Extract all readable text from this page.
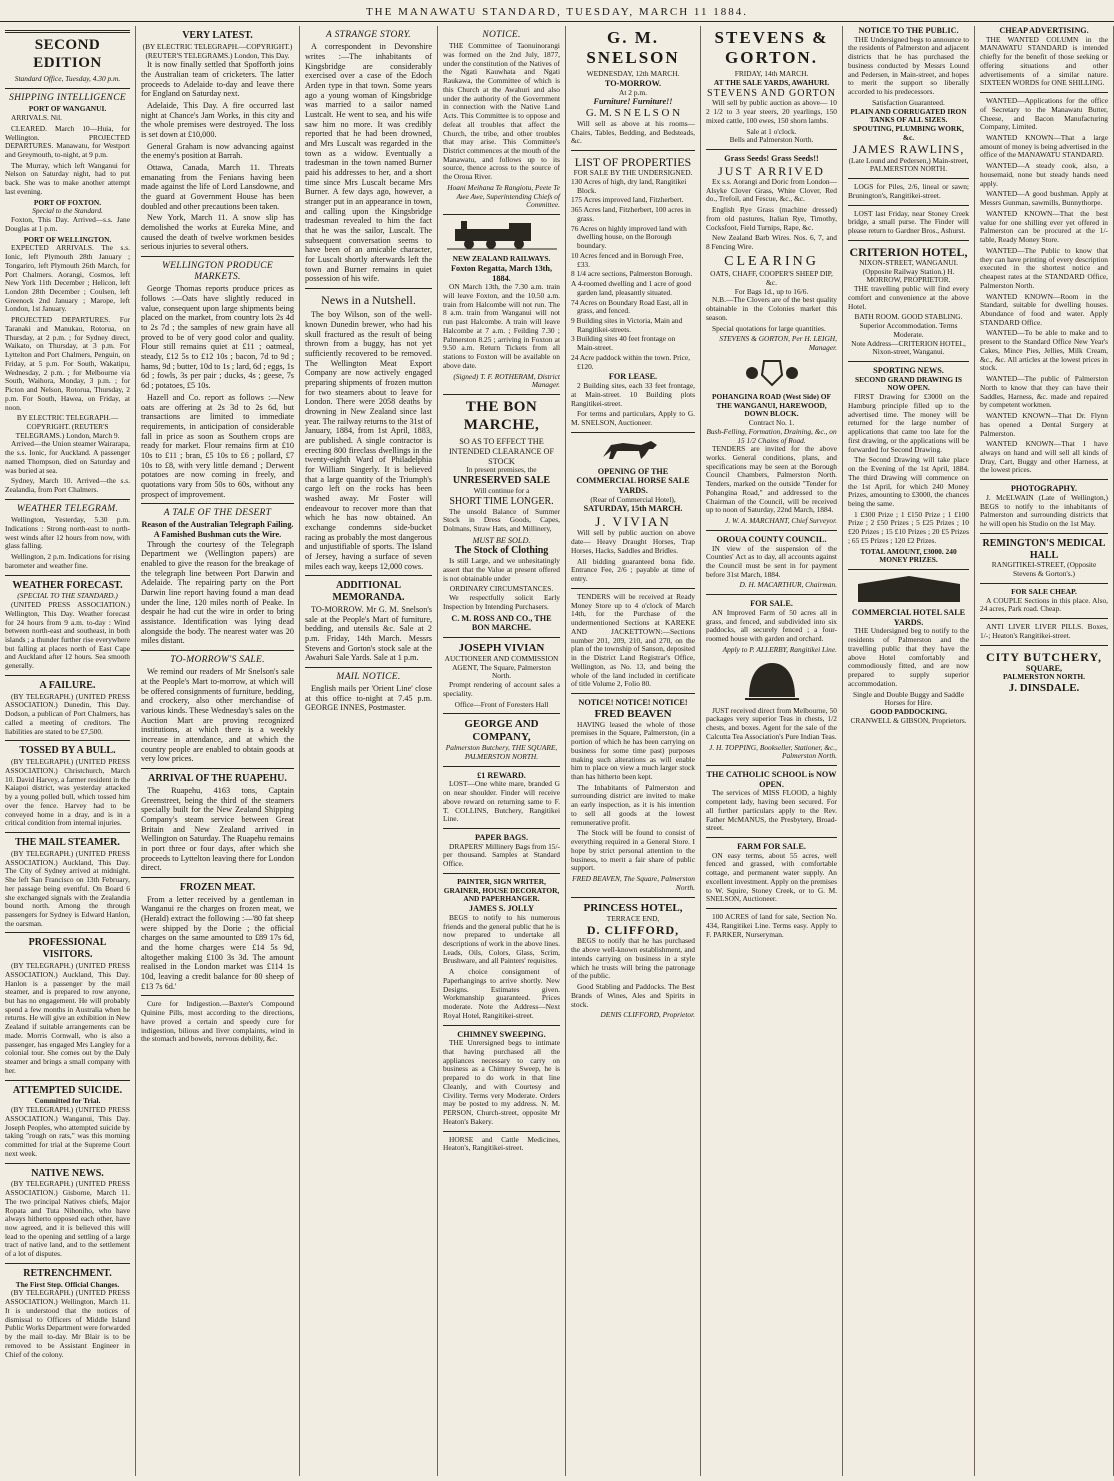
THE MANAWATU STANDARD, TUESDAY, MARCH 11 1884.
SECOND EDITION
Standard Office, Tuesday, 4.30 p.m.
SHIPPING INTELLIGENCE
PORT OF WANGANUI.
ARRIVALS. Nil.
CLEARED. March 10—Huia, for Wellington. PROJECTED DEPARTURES. Manawatu, for Westport and Greymouth, to-night, at 9 p.m.
The Murray, which left Wanganui for Nelson on Saturday night, had to put back. She was to make another attempt last evening.
PORT OF FOXTON.
Special to the Standard.
Foxton, This Day. Arrived—s.s. Jane Douglas at 1 p.m.
PORT OF WELLINGTON.
EXPECTED ARRIVALS. The s.s. Ionic, left Plymouth 28th January ; Tongariro, left Plymouth 26th March, for Port Chalmers. Aorangi, Cosmos, left New York 11th December ; Helicon, left London 28th December ; Coulsen, left Greenock 2nd January ; Marope, left London, 1st January.
PROJECTED DEPARTURES. For Taranaki and Manukau, Rotorua, on Thursday, at 2 p.m. ; for Sydney direct, Waikato, on Thursday, at 3 p.m. For Lyttelton and Port Chalmers, Penguin, on Friday, at 5 p.m. For South, Wakatipu, Wednesday, 2 p.m. ; for Melbourne via South, Waihora, Monday, 3 p.m. ; for Picton and Nelson, Rotorua, Thursday, 2 p.m. For South, Hawea, on Friday, at noon.
BY ELECTRIC TELEGRAPH.—COPYRIGHT. (REUTER'S TELEGRAMS.) London, March 9.
Arrived—the Union steamer Wairarapa, the s.s. Ionic, for Auckland. A passenger named Thompson, died on Saturday and was buried at sea.
Sydney, March 10. Arrived—the s.s. Zealandia, from Port Chalmers.
WEATHER TELEGRAM.
Wellington, Yesterday, 5.30 p.m. Indications : Strong north-east to north-west winds after 12 hours from now, with glass falling.
Wellington, 2 p.m. Indications for rising barometer and weather fine.
WEATHER FORECAST.
(SPECIAL TO THE STANDARD.)
(UNITED PRESS ASSOCIATION.) Wellington, This Day. Weather forecast for 24 hours from 9 a.m. to-day : Wind between north-east and southeast, in both islands ; a thunder further rise everywhere but falling at places north of East Cape and Auckland after 12 hours. Sea smooth generally.
A FAILURE.
(BY TELEGRAPH.) (UNITED PRESS ASSOCIATION.) Dunedin, This Day. Dodson, a publican of Port Chalmers, has called a meeting of creditors. The liabilities are stated to be £7,500.
TOSSED BY A BULL.
(BY TELEGRAPH.) (UNITED PRESS ASSOCIATION.) Christchurch, March 10. David Harvey, a farmer resident in the Kaiapoi district, was yesterday attacked by a young polled bull, which tossed him over the fence. Harvey had to be conveyed home in a dray, and is in a critical condition from internal injuries.
THE MAIL STEAMER.
(BY TELEGRAPH.) (UNITED PRESS ASSOCIATION.) Auckland, This Day. The City of Sydney arrived at midnight. She left San Francisco on 13th February, her passage being eventful. On Board 6 she exchanged signals with the Zealandia bound north. Among the through passengers for Sydney is Edward Hanlon, the oarsman.
PROFESSIONAL VISITORS.
(BY TELEGRAPH.) (UNITED PRESS ASSOCIATION.) Auckland, This Day. Hanlon is a passenger by the mail steamer, and is prepared to row anyone, but has no engagement. He will probably spend a few months in Australia when he returns. He will give an exhibition in New Zealand if suitable arrangements can be made. Morris Cornwall, who is also a passenger, has engaged Mrs Langley for a colonial tour. She comes out by the Daly steamer and brings a small company with her.
ATTEMPTED SUICIDE.
Committed for Trial.
(BY TELEGRAPH.) (UNITED PRESS ASSOCIATION.) Wanganui, This Day. Joseph Peoples, who attempted suicide by taking "rough on rats," was this morning committed for trial at the Supreme Court next week.
NATIVE NEWS.
(BY TELEGRAPH.) (UNITED PRESS ASSOCIATION.) Gisborne, March 11. The two principal Natives chiefs, Major Ropata and Tuta Nihoniho, who have always hitherto opposed each other, have now agreed, and it is believed this will lead to the opening and settling of a large tract of native land, and to the settlement of a lot of disputes.
RETRENCHMENT.
The First Step. Official Changes.
(BY TELEGRAPH.) (UNITED PRESS ASSOCIATION.) Wellington, March 11. It is understood that the notices of dismissal to Officers of Middle Island Public Works Department were forwarded by the mail to-day. Mr Blair is to be removed to be Assistant Engineer in Chief of the colony.
VERY LATEST.
(BY ELECTRIC TELEGRAPH.—COPYRIGHT.) (REUTER'S TELEGRAMS.) London, This Day.
It is now finally settled that Spofforth joins the Australian team of cricketers. The latter proceeds to Adelaide to-day and leave there for England on Saturday next.
Adelaide, This Day. A fire occurred last night at Chance's Jam Works, in this city and the whole premises were destroyed. The loss is set down at £10,000.
General Graham is now advancing against the enemy's position at Barrah.
Ottawa, Canada, March 11. Threats emanating from the Fenians having been made against the life of Lord Lansdowne, and the guard at Government House has been doubled and other precautions been taken.
New York, March 11. A snow slip has demolished the works at Eureka Mine, and caused the death of twelve workmen besides serious injuries to several others.
WELLINGTON PRODUCE MARKETS.
George Thomas reports produce prices as follows :—Oats have slightly reduced in value, consequent upon large shipments being placed on the market, from country lots 2s 4d to 2s 7d ; the samples of new grain have all proved to be of very good color and quality. Flour still remains quiet at £11 ; oatmeal, steady, £12 5s to £12 10s ; bacon, 7d to 9d ; hams, 9d ; butter, 10d to 1s ; lard, 6d ; eggs, 1s 6d ; fowls, 3s per pair ; ducks, 4s ; geese, 7s 6d ; potatoes, £5 10s.
Hazell and Co. report as follows :—New oats are offering at 2s 3d to 2s 6d, but transactions are limited to immediate requirements, in anticipation of considerable fall in price as soon as Southern crops are ready for market. Flour remains firm at £10 10s to £11 ; bran, £5 10s to £6 ; pollard, £7 10s to £8, with very little demand ; Derwent potatoes are now coming in freely, and quotations vary from 50s to 60s, without any prospect of improvement.
A TALE OF THE DESERT
Reason of the Australian Telegraph Failing. A Famished Bushman cuts the Wire.
Through the courtesy of the Telegraph Department we (Wellington papers) are enabled to give the reason for the breakage of the telegraph line between Port Darwin and Adelaide. The repairing party on the Port Darwin line report having found a man dead under the line, 120 miles north of Peake. In despair he had cut the wire in order to bring assistance. Identification was lying dead alongside the body. The nearest water was 20 miles distant.
TO-MORROW'S SALE.
We remind our readers of Mr Snelson's sale at the People's Mart to-morrow, at which will be offered consignments of furniture, bedding, and crockery, also other merchandise of various kinds. These Wednesday's sales on the Auction Mart are proving recognized institutions, at which there is a weekly increase in attendance, and at which the country people are enabled to obtain goods at very low prices.
ARRIVAL OF THE RUAPEHU.
The Ruapehu, 4163 tons, Captain Greenstreet, being the third of the steamers specially built for the New Zealand Shipping Company's steam service between Great Britain and New Zealand arrived in Wellington on Saturday. The Ruapehu remains in port three or four days, after which she proceeds to Lyttelton leaving there for London direct.
FROZEN MEAT.
From a letter received by a gentleman in Wanganui re the charges on frozen meat, we (Herald) extract the following :—'80 fat sheep were shipped by the Dorie ; the official charges on the same amounted to £89 17s 6d, and the home charges were £14 5s 9d, altogether making £100 3s 3d. The amount realised in the London market was £114 1s 10d, leaving a credit balance for 80 sheep of £13 7s 6d.'
Cure for Indigestion.—Baxter's Compound Quinine Pills, most according to the directions, have proved a certain and speedy cure for indigestion, bilious and liver complaints, wind in the stomach and bowels, nervous debility, &c.
A STRANGE STORY.
A correspondent in Devonshire writes :—The inhabitants of Kingsbridge are considerably exercised over a case of the Edoch Arden type in that town. Some years ago a young woman of Kingsbridge was married to a sailor named Lustcalt. He went to sea, and his wife saw him no more. It was credibly reported that he had been drowned, and Mrs Luscalt was regarded in the town as a widow. Eventually a tradesman in the town named Burner paid his addresses to her, and a short time since Mrs Luscalt became Mrs Burner. A few days ago, however, a stranger put in an appearance in town, and calling upon the Kingsbridge tradesman revealed to him the fact that he was the sailor, Luscalt. The subsequent conversation seems to have been of an amicable character, for Luscalt shortly afterwards left the town and Burner remains in quiet possession of his wife.
News in a Nutshell.
The boy Wilson, son of the well-known Dunedin brewer, who had his skull fractured as the result of being thrown from a buggy, has not yet sufficiently recovered to be removed. The Wellington Meat Export Company are now actively engaged preparing shipments of frozen mutton for two steamers about to leave for London. There were 2058 deaths by drowning in New Zealand since last year. The railway returns to the 31st of January, 1884, from 1st April, 1883, are published. A single contractor is erecting 800 fireclass dwellings in the twenty-eighth Ward of Philadelphia for William Singerly. It is believed that a large quantity of the Triumph's cargo left on the rocks has been washed away. Mr Foster will endeavour to recover more than that which he has now obtained. An exchange condemns side-bucket racing as probably the most dangerous and unjustifiable of sports. The Island of Jersey, having a surface of seven miles each way, keeps 12,000 cows.
ADDITIONAL MEMORANDA.
TO-MORROW. Mr G. M. Snelson's sale at the People's Mart of furniture, bedding, and utensils &c. Sale at 2 p.m. Friday, 14th March. Messrs Stevens and Gorton's stock sale at the Awahuri Sale Yards. Sale at 1 p.m.
MAIL NOTICE.
English mails per 'Orient Line' close at this office to-night at 7.45 p.m. GEORGE INNES, Postmaster.
NOTICE.
THE Committee of Taonuinorangi was formed on the 2nd July, 1877, under the constitution of the Natives of the Ngati Kauwhata and Ngati Raukawa, the Committee of which is this Church at the Awahuri and also under the authority of the Government in connection with the Native Land Acts. This Committee is to oppose and defeat all troubles that affect the Church, the tribe, and other troubles that may arise. This Committee's District commences at the mouth of the Manawatu, and follows up to its source, thence across to the source of the Oroua River.
Hoani Meihana Te Rangiotu, Peete Te Awe Awe, Superintending Chiefs of Committee.
NEW ZEALAND RAILWAYS.
Foxton Regatta, March 13th, 1884.
ON March 13th, the 7.30 a.m. train will leave Foxton, and the 10.50 a.m. train from Halcombe will not run. The 8 a.m. train from Wanganui will not run past Halcombe. A train will leave Halcombe at 7 a.m. ; Feilding 7.30 ; Palmerston 8.25 ; arriving in Foxton at 9.50 a.m. Return Tickets from all stations to Foxton will be available on above date.
(Signed) T. F. ROTHERAM, District Manager.
THE BON MARCHE,
SO AS TO EFFECT THE INTENDED CLEARANCE OF STOCK
In present premises, the
UNRESERVED SALE
Will continue for a
SHORT TIME LONGER.
The unsold Balance of Summer Stock in Dress Goods, Capes, Dolmans, Straw Hats, and Millinery,
MUST BE SOLD.
The Stock of Clothing
Is still Large, and we unhesitatingly assert that the Value at present offered is not obtainable under
ORDINARY CIRCUMSTANCES.
We respectfully solicit Early Inspection by Intending Purchasers.
C. M. ROSS AND CO., THE BON MARCHE.
JOSEPH VIVIAN
AUCTIONEER AND COMMISSION AGENT, The Square, Palmerston North.
Prompt rendering of account sales a speciality.
Office—Front of Foresters Hall
GEORGE AND COMPANY,
Palmerston Butchery, THE SQUARE, PALMERSTON NORTH.
£1 REWARD.
LOST—One white mare, branded G on near shoulder. Finder will receive above reward on returning same to F. T. COLLINS, Butchery, Rangitikei Line.
PAPER BAGS.
DRAPERS' Millinery Bags from 15/- per thousand. Samples at Standard Office.
PAINTER, SIGN WRITER, GRAINER, HOUSE DECORATOR, AND PAPERHANGER.
JAMES S. JOLLY
BEGS to notify to his numerous friends and the general public that he is now prepared to undertake all descriptions of work in the above lines. Leads, Oils, Colors, Glass, Scrim, Brushware, and all Painters' requisites.
A choice consignment of Paperhangings to arrive shortly. New Designs. Estimates given. Workmanship guaranteed. Prices moderate. Note the Address—Next Royal Hotel, Rangitikei-street.
CHIMNEY SWEEPING.
THE Unrersigned begs to intimate that having purchased all the appliances necessary to carry on business as a Chimney Sweep, he is prepared to do work in that line Cleanly, and with Courtesy and Civility. Terms very Moderate. Orders may be posted to my address. N. M. PERSON, Church-street, opposite Mr Heaton's Bakery.
HORSE and Cattle Medicines, Heaton's, Rangitikei-street.
G. M. SNELSON
WEDNESDAY, 12th MARCH.
TO-MORROW.
At 2 p.m.
Furniture! Furniture!!
G. M. S N E L S O N
Will sell as above at his rooms—Chairs, Tables, Bedding, and Bedsteads, &c.
LIST OF PROPERTIES
FOR SALE BY THE UNDERSIGNED.
130 Acres of high, dry land, Rangitikei Block.
175 Acres improved land, Fitzherbert.
365 Acres land, Fitzherbert, 100 acres in grass.
76 Acres on highly improved land with dwelling house, on the Borough boundary.
10 Acres fenced and in Borough Free, £33.
8 1/4 acre sections, Palmerston Borough.
A 4-roomed dwelling and 1 acre of good garden land, pleasantly situated.
74 Acres on Boundary Road East, all in grass, and fenced.
9 Building sites in Victoria, Main and Rangitikei-streets.
3 Building sites 40 feet frontage on Main-street.
24 Acre paddock within the town. Price, £120.
FOR LEASE.
2 Building sites, each 33 feet frontage, at Main-street. 10 Building plots Rangitikei-street.
For terms and particulars, Apply to G. M. SNELSON, Auctioneer.
OPENING OF THE COMMERCIAL HORSE SALE YARDS.
(Rear of Commercial Hotel),
SATURDAY, 15th MARCH.
J. VIVIAN
Will sell by public auction on above date— Heavy Draught Horses, Trap Horses, Hacks, Saddles and Bridles.
All bidding guaranteed bona fide. Entrance Fee, 2/6 ; payable at time of entry.
TENDERS will be received at Ready Money Store up to 4 o'clock of March 14th, for the Purchase of the undermentioned Sections at KAREKE AND JACKETTOWN:—Sections number 201, 209, 210, and 270, on the plan of the township of Sanson, deposited in the District Land Registrar's Office, Wellington, as No. 13, and being the whole of the land included in certificate of title Volume 2, Folio 80.
NOTICE! NOTICE! NOTICE!
FRED BEAVEN
HAVING leased the whole of those premises in the Square, Palmerston, (in a portion of which he has been carrying on business for some time past) purposes making such alterations as will enable him to place on view a much larger stock than has hitherto been kept.
The Inhabitants of Palmerston and surrounding district are invited to make an early inspection, as it is his intention to sell all goods at the lowest remunerative profit.
The Stock will be found to consist of everything required in a General Store. I hope by strict personal attention to the business, to merit a fair share of public support.
FRED BEAVEN, The Square, Palmerston North.
PRINCESS HOTEL,
TERRACE END,
D. CLIFFORD,
BEGS to notify that he has purchased the above well-known establishment, and intends carrying on business in a style which he trusts will bring the patronage of the public.
Good Stabling and Paddocks. The Best Brands of Wines, Ales and Spirits in stock.
DENIS CLIFFORD, Proprietor.
STEVENS & GORTON.
FRIDAY, 14th MARCH.
AT THE SALE YARDS, AWAHURI.
STEVENS AND GORTON
Will sell by public auction as above— 10 2 1/2 to 3 year steers, 20 yearlings, 150 mixed cattle, 100 ewes, 150 shorn lambs.
Sale at 1 o'clock.
Bells and Palmerston North.
Grass Seeds! Grass Seeds!!
JUST ARRIVED
Ex s.s. Aorangi and Doric from London—Alsyke Clover Grass, White Clover, Red do., Trefoil, and Fescue, &c., &c.
English Rye Grass (machine dressed) from old pastures, Italian Rye, Timothy, Cocksfoot, Field Turnips, Rape, &c.
New Zealand Barb Wires. Nos. 6, 7, and 8 Fencing Wire.
CLEARING
OATS, CHAFF, COOPER'S SHEEP DIP, &c.
For Bags 1d., up to 16/6.
N.B.—The Clovers are of the best quality obtainable in the Colonies market this season.
Special quotations for large quantities.
STEVENS & GORTON, Per H. LEIGH, Manager.
POHANGINA ROAD (West Side) OF THE WANGANUI, HAREWOOD, DOWN BLOCK.
Contract No. 1.
Bush-Felling, Formation, Draining, &c., on 15 1/2 Chains of Road.
TENDERS are invited for the above works. General conditions, plans, and specifications may be seen at the Borough Council Chambers, Palmerston North. Tenders, marked on the outside "Tender for Pohangina Road," and addressed to the Chairman of the Council, will be received up to noon of Saturday, 22nd March, 1884.
J. W. A. MARCHANT, Chief Surveyor.
OROUA COUNTY COUNCIL.
IN view of the suspension of the Counties' Act as to day, all accounts against the Council must be sent in for payment before 31st March, 1884.
D. H. MACARTHUR, Chairman.
FOR SALE.
AN Improved Farm of 50 acres all in grass, and fenced, and subdivided into six paddocks, all securely fenced ; a four-roomed house with garden and orchard.
Apply to P. ALLERBY, Rangitikei Line.
JUST received direct from Melbourne, 50 packages very superior Teas in chests, 1/2 chests, and boxes. Agent for the sale of the Calcutta Tea Association's Pure Indian Teas.
J. H. TOPPING, Bookseller, Stationer, &c., Palmerston North.
THE CATHOLIC SCHOOL is NOW OPEN.
The services of MISS FLOOD, a highly competent lady, having been secured. For all further particulars apply to the Rev. Father McMANUS, the Presbytery, Broad-street.
FARM FOR SALE.
ON easy terms, about 55 acres, well fenced and grassed, with comfortable cottage, and permanent water supply. An excellent investment. Apply on the premises to W. Squire, Stoney Creek, or to G. M. SNELSON, Auctioneer.
100 ACRES of land for sale, Section No. 434, Rangitikei Line. Terms easy. Apply to F. PARKER, Nurseryman.
NOTICE TO THE PUBLIC.
THE Undersigned begs to announce to the residents of Palmerston and adjacent districts that he has purchased the business conducted by Messrs Lound and Pedersen, in Main-street, and hopes to merit the support so liberally accorded to his predecessors.
Satisfaction Guaranteed.
PLAIN AND CORRUGATED IRON TANKS OF ALL SIZES.
SPOUTING, PLUMBING WORK, &c.
JAMES RAWLINS,
(Late Lound and Pedersen,) Main-street, PALMERSTON NORTH.
LOGS for Piles, 2/6, lineal or sawn; Brunington's, Rangitikei-street.
LOST last Friday, near Stoney Creek bridge, a small purse. The Finder will please return to Gardner Bros., Ashurst.
CRITERION HOTEL,
NIXON-STREET, WANGANUI. (Opposite Railway Station.) H. MORROW, PROPRIETOR.
THE travelling public will find every comfort and convenience at the above Hotel.
BATH ROOM. GOOD STABLING.
Superior Accommodation. Terms Moderate.
Note Address—CRITERION HOTEL, Nixon-street, Wanganui.
SPORTING NEWS.
SECOND GRAND DRAWING IS NOW OPEN.
FIRST Drawing for £3000 on the Hamburg principle filled up to the advertised time. The money will be returned for the large number of applications that came too late for the first drawing, or the applications will be forwarded for Second Drawing.
The Second Drawing will take place on the Evening of the 1st April, 1884. The third Drawing will commence on the 1st April, for which 240 Money Prizes, amounting to £3000, the chances being the same.
1 £300 Prize ; 1 £150 Prize ; 1 £100 Prize ; 2 £50 Prizes ; 5 £25 Prizes ; 10 £20 Prizes ; 15 £10 Prizes ; 20 £5 Prizes ; 65 £5 Prizes ; 120 £2 Prizes.
TOTAL AMOUNT, £3000. 240 MONEY PRIZES.
COMMERCIAL HOTEL SALE YARDS.
THE Undersigned beg to notify to the residents of Palmerston and the travelling public that they have the above Hotel comfortably and commodiously fitted, and are now prepared to supply superior accommodation.
Single and Double Buggy and Saddle Horses for Hire.
GOOD PADDOCKING.
CRANWELL & GIBSON, Proprietors.
CHEAP ADVERTISING.
THE WANTED COLUMN in the MANAWATU STANDARD is intended chiefly for the benefit of those seeking or offering situations and other advertisements of a similar nature. SIXTEEN WORDS for ONE SHILLING.
WANTED—Applications for the office of Secretary to the Manawatu Butter, Cheese, and Bacon Manufacturing Company, Limited.
WANTED KNOWN—That a large amount of money is being advertised in the office of the MANAWATU STANDARD.
WANTED—A steady cook, also, a housemaid, none but steady hands need apply.
WANTED—A good bushman. Apply at Messrs Gunman, sawmills, Bunnythorpe.
WANTED KNOWN—That the best value for one shilling ever yet offered in Palmerston can be procured at the 1/- table, Ready Money Store.
WANTED—The Public to know that they can have printing of every description executed in the shortest notice and cheapest rates at the STANDARD Office, Palmerston North.
WANTED KNOWN—Room in the Standard, suitable for dwelling houses. Abundance of food and water. Apply STANDARD Office.
WANTED—To be able to make and to present to the Standard Office New Year's Cakes, Mince Pies, Jellies, Milk Cream, &c., &c. All articles at the lowest prices in stock.
WANTED—The public of Palmerston North to know that they can have their Saddles, Harness, &c. made and repaired by competent workmen.
WANTED KNOWN—That Dr. Flynn has opened a Dental Surgery at Palmerston.
WANTED KNOWN—That I have always on hand and will sell all kinds of Dray, Cart, Buggy and other Harness, at the lowest prices.
PHOTOGRAPHY.
J. McELWAIN (Late of Wellington,) BEGS to notify to the inhabitants of Palmerston and surrounding districts that he will open his Studio on the 1st May.
REMINGTON'S MEDICAL HALL
RANGITIKEI-STREET, (Opposite Stevens & Gorton's.)
FOR SALE CHEAP.
A COUPLE Sections in this place. Also, 24 acres, Park road. Cheap.
ANTI LIVER LIVER PILLS. Boxes, 1/-; Heaton's Rangitikei-street.
CITY BUTCHERY,
SQUARE,
PALMERSTON NORTH.
J. DINSDALE.
